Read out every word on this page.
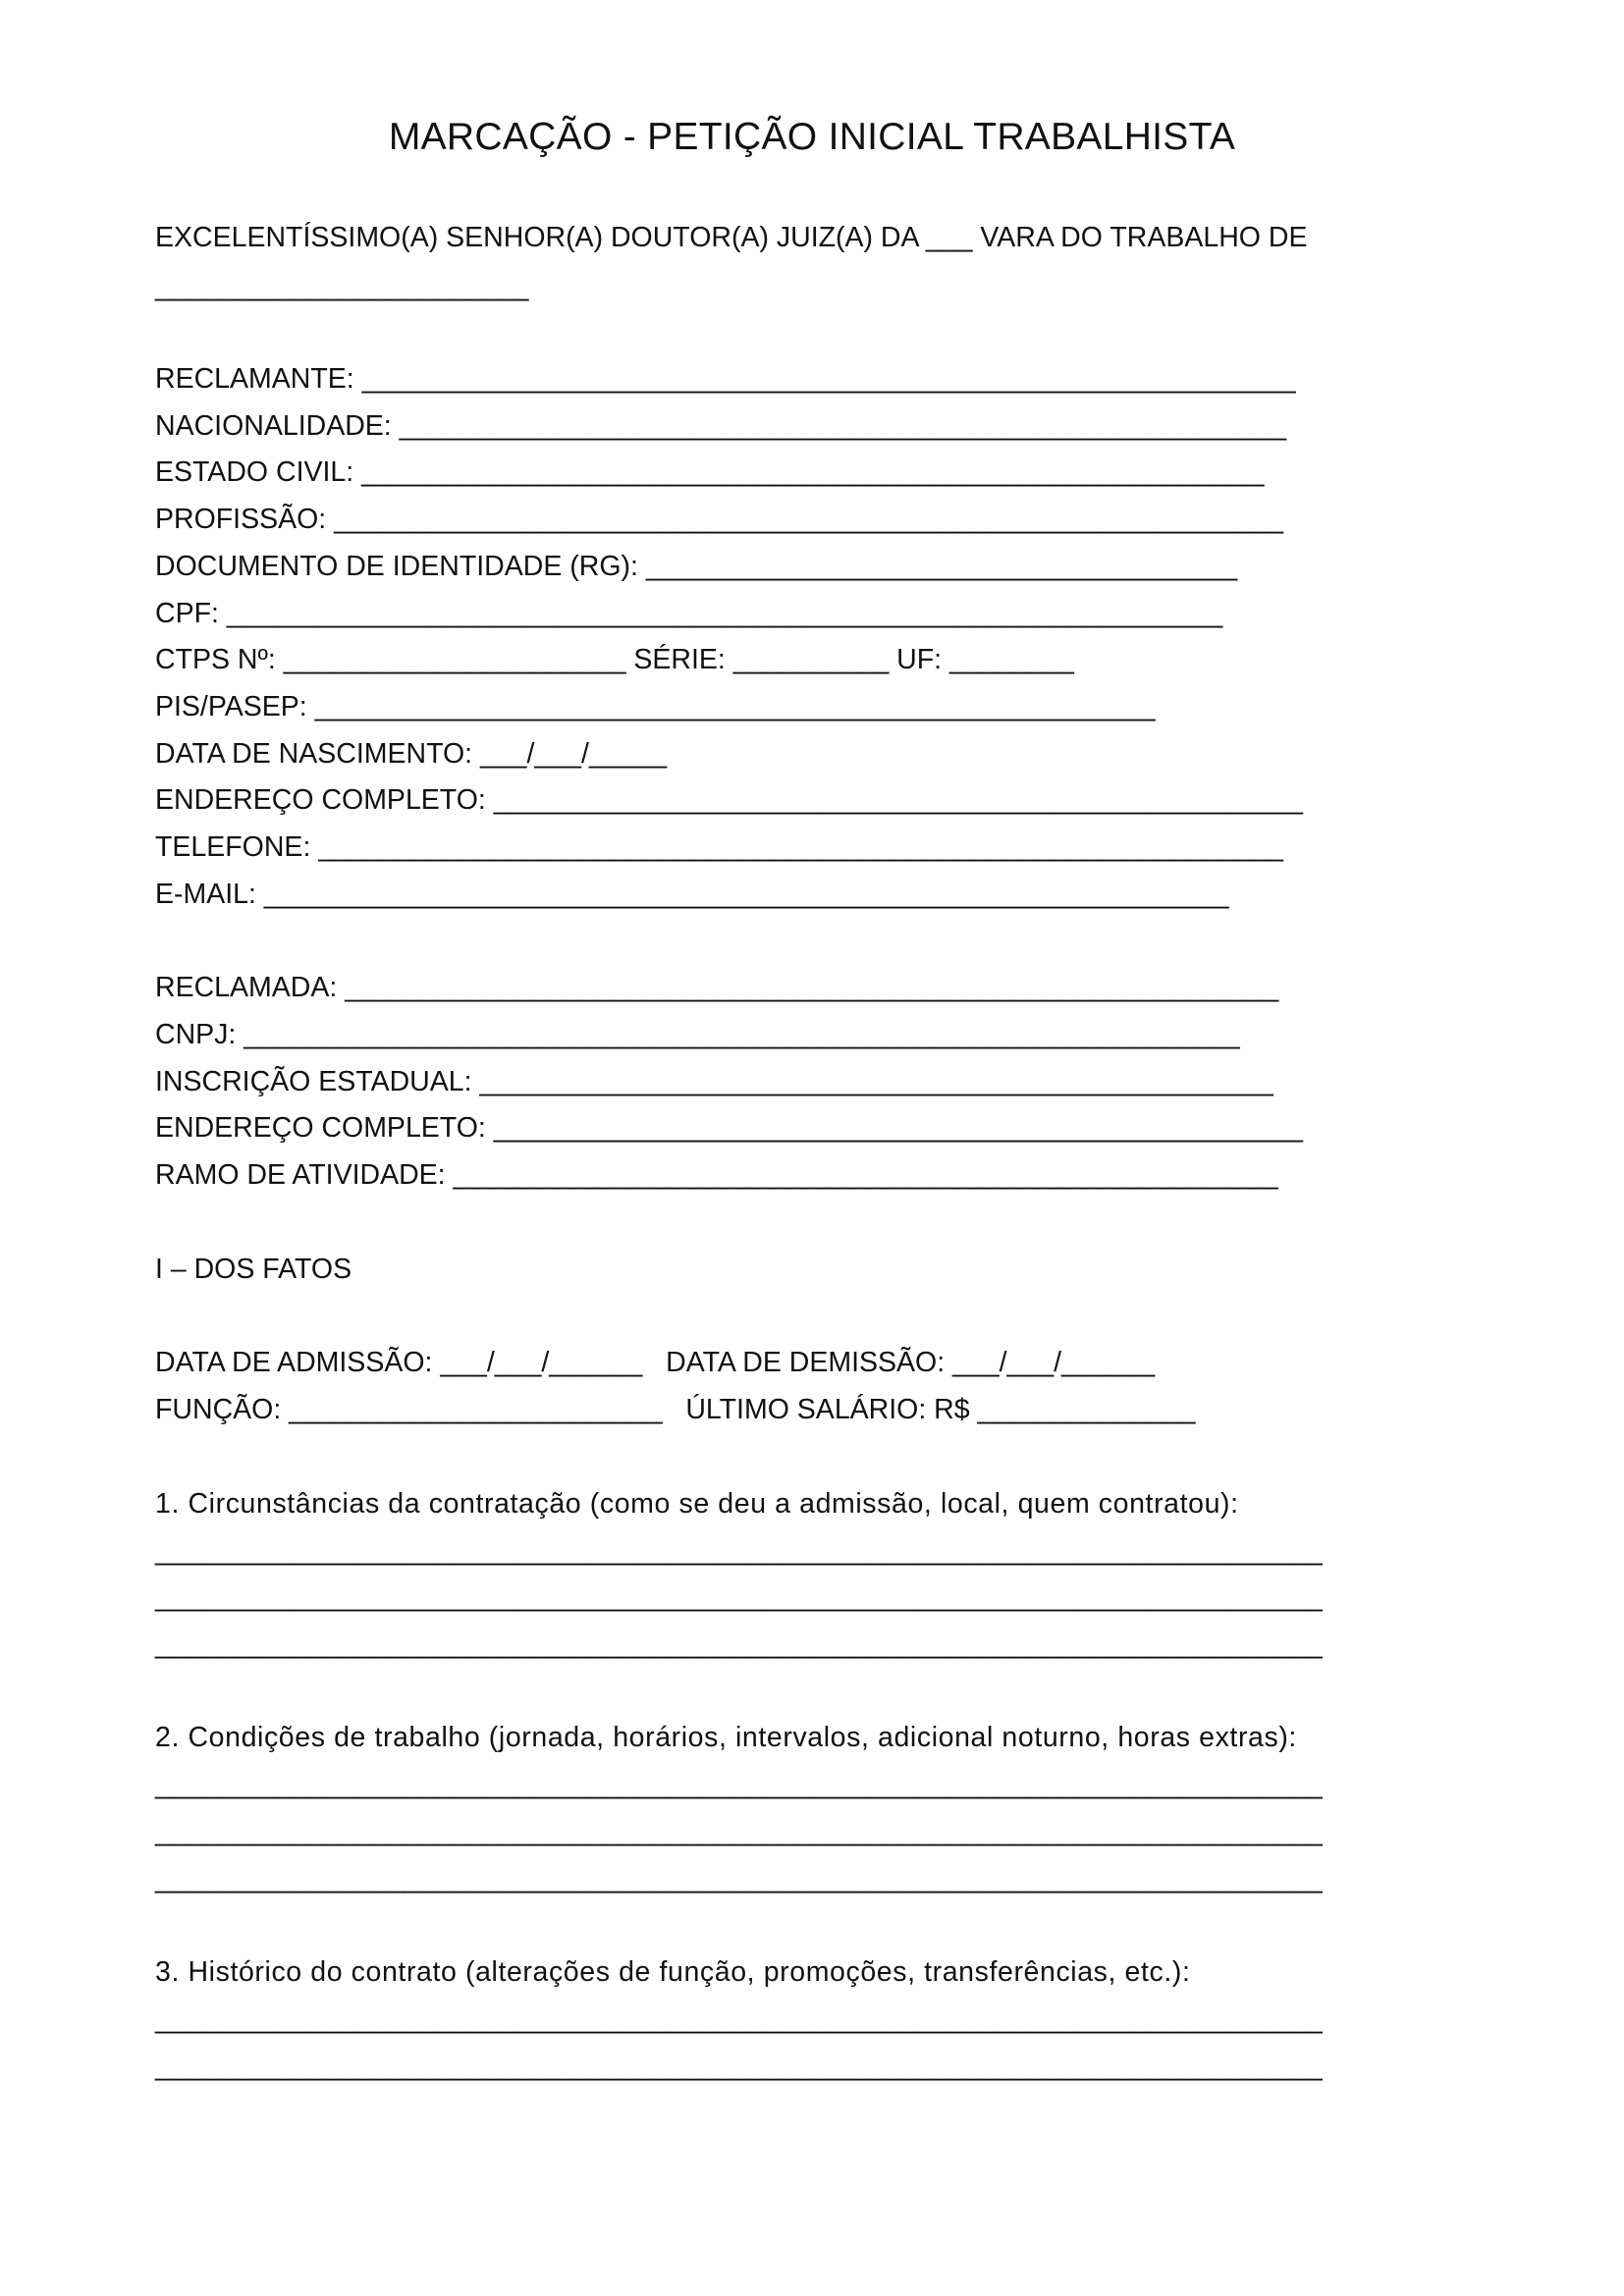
MARCAÇÃO - PETIÇÃO INICIAL TRABALHISTA
EXCELENTÍSSIMO(A) SENHOR(A) DOUTOR(A) JUIZ(A) DA ___ VARA DO TRABALHO DE
________________________
RECLAMANTE: ____________________________________________________________
NACIONALIDADE: _________________________________________________________
ESTADO CIVIL: __________________________________________________________
PROFISSÃO: _____________________________________________________________
DOCUMENTO DE IDENTIDADE (RG): ______________________________________
CPF: ________________________________________________________________
CTPS Nº: ______________________ SÉRIE: __________ UF: ________
PIS/PASEP: ______________________________________________________
DATA DE NASCIMENTO: ___/___/_____
ENDEREÇO COMPLETO: ____________________________________________________
TELEFONE: ______________________________________________________________
E-MAIL: ______________________________________________________________
RECLAMADA: ____________________________________________________________
CNPJ: ________________________________________________________________
INSCRIÇÃO ESTADUAL: ___________________________________________________
ENDEREÇO COMPLETO: ____________________________________________________
RAMO DE ATIVIDADE: _____________________________________________________
I – DOS FATOS
DATA DE ADMISSÃO: ___/___/______   DATA DE DEMISSÃO: ___/___/______
FUNÇÃO: ________________________   ÚLTIMO SALÁRIO: R$ ______________
1. Circunstâncias da contratação (como se deu a admissão, local, quem contratou):
___________________________________________________________________________
___________________________________________________________________________
___________________________________________________________________________
2. Condições de trabalho (jornada, horários, intervalos, adicional noturno, horas extras):
___________________________________________________________________________
___________________________________________________________________________
___________________________________________________________________________
3. Histórico do contrato (alterações de função, promoções, transferências, etc.):
___________________________________________________________________________
___________________________________________________________________________
